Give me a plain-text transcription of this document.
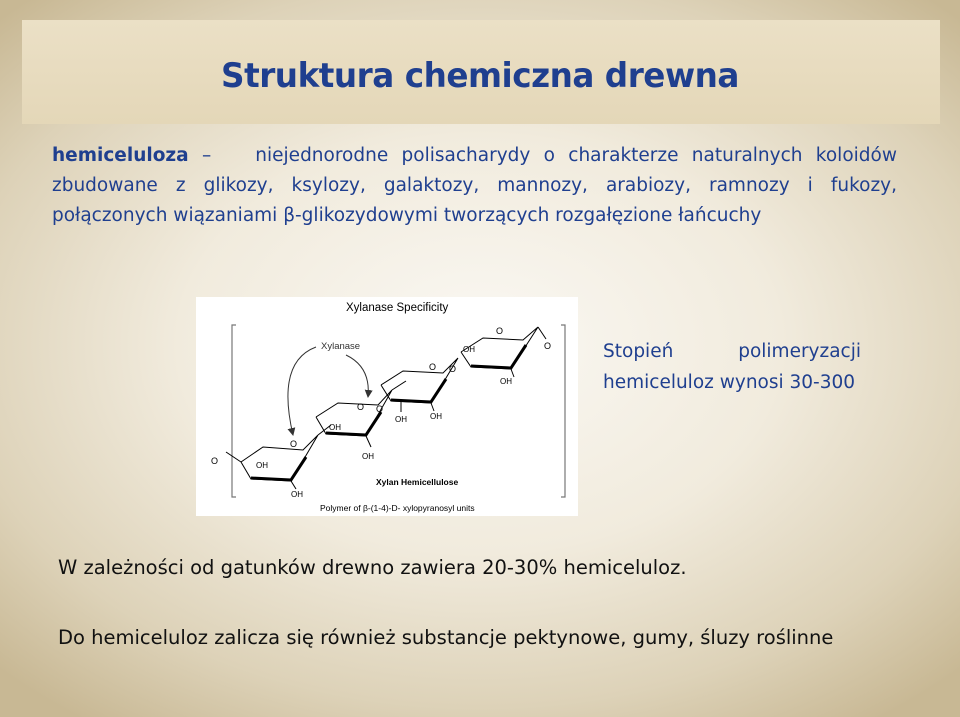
Struktura chemiczna drewna
hemiceluloza – niejednorodne polisacharydy o charakterze naturalnych koloidów zbudowane z glikozy, ksylozy, galaktozy, mannozy, arabiozy, ramnozy i fukozy, połączonych wiązaniami β-glikozydowymi tworzących rozgałęzione łańcuchy
Xylanase Specificity
O
O
OH
OH
O O
OH
OH
O O
OH	OH
O
O
OH
OH
Xylanase
Xylan Hemicellulose
Polymer of β-(1-4)-D- xylopyranosyl units
Stopień polimeryzacji hemiceluloz wynosi 30-300
W zależności od gatunków drewno zawiera 20-30% hemiceluloz.
Do hemiceluloz zalicza się również substancje pektynowe, gumy, śluzy roślinne
